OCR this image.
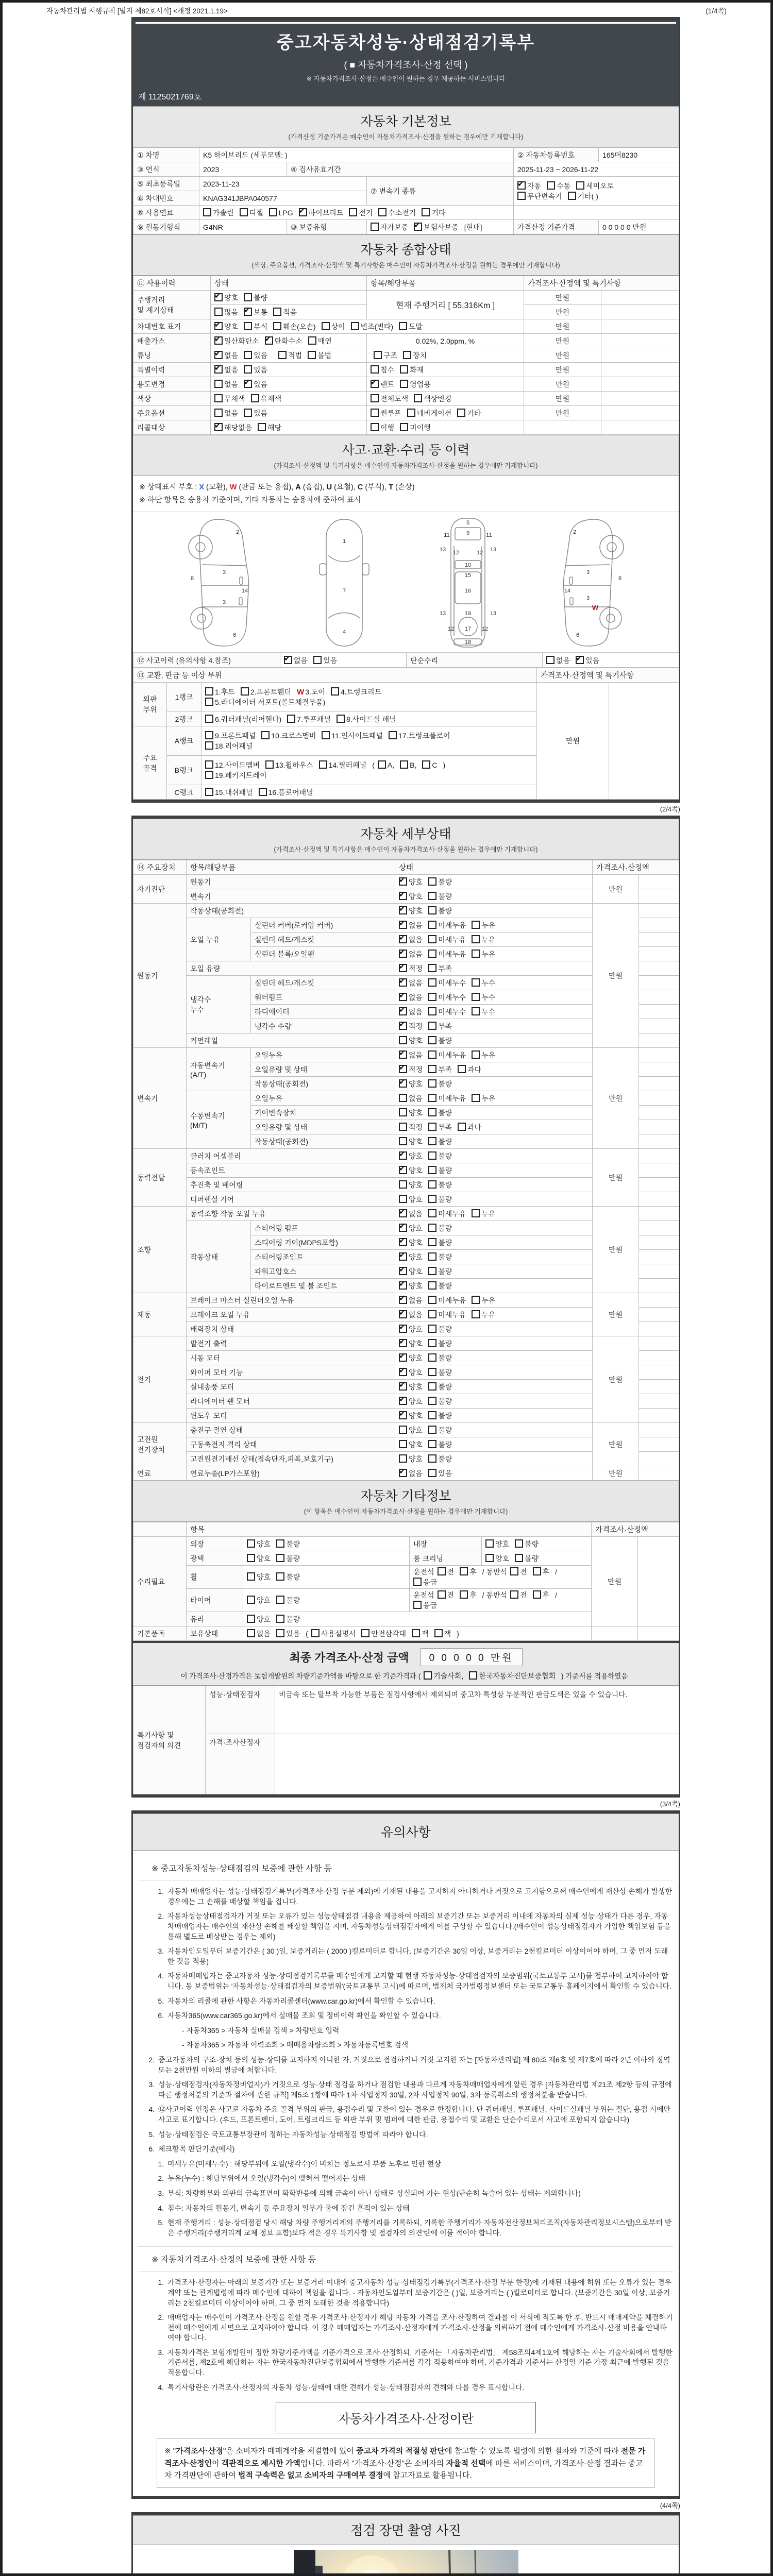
자동차관리법 시행규칙 [별지 제82호서식] <개정 2021.1.19>	(1/4쪽)
중고자동차성능·상태점검기록부
( ■ 자동차가격조사·산정 선택 )
※ 자동차가격조사·산정은 매수인이 원하는 경우 제공하는 서비스입니다
제 1125021769호
자동차 기본정보
(가격산정 기준가격은 매수인이 자동차가격조사·산정을 원하는 경우에만 기재합니다)
① 차명	K5 하이브리드 (세부모델: )			② 자동차등록번호	165머8230
③ 연식	2023	④ 검사유효기간		2025-11-23 ~ 2026-11-22	
⑤ 최초등록일	2023-11-23		⑦ 변속기 종류	✔자동 수동 세미오토
무단변속기 기타( )
⑥ 차대번호	KNAG341JBPA040577				
⑧ 사용연료	가솔린 디젤 LPG ✔ 하이브리드 전기 수소전기 기타	
⑨ 원동기형식	G4NR	⑩ 보증유형	자가보증 ✔ 보험사보증 [현대]	가격산정 기준가격	0 0 0 0 0 만원
자동차 종합상태
(색상, 주요옵션, 가격조사·산정액 및 특기사항은 매수인이 자동차가격조사·산정을 원하는 경우에만 기재합니다)
⑪ 사용이력	상태	항목/해당부품	가격조사·산정액 및 특기사항	
주행거리
및 계기상태	✔양호 불량	현재 주행거리 [ 55,316Km ]	만원	
	많음 ✔ 보통 적음		만원	
차대번호 표기	✔양호 부식 훼손(오손) 상이 변조(변타) 도말		만원	
배출가스	✔일산화탄소 ✔ 탄화수소 매연	0.02%, 2.0ppm, %	만원	
튜닝	✔없음 있음 적법 불법	구조 장치	만원	
특별이력	✔없음 있음	침수 화재	만원	
용도변경	없음 ✔ 있음	✔렌트 영업용	만원	
색상	무채색 유채색	전체도색 색상변경	만원	
주요옵션	없음 있음	썬루프 네비게이션 기타	만원	
리콜대상	✔해당없음 해당	이행 미이행		
사고·교환·수리 등 이력
(가격조사·산정액 및 특기사항은 매수인이 자동차가격조사·산정을 원하는 경우에만 기재합니다)
※ 상태표시 부호 : X (교환), W (판금 또는 용접), A (흠집), U (요철), C (부식), T (손상)
※ 하단 항목은 승용차 기준이며, 기타 자동차는 승용차에 준하여 표시
2
8
3
14
3
6
1
7
4
5
11	9	11
13 12	12 13
10
15
16
13	19	13
12 17 12
18
2
3
8
14
3
W
6
⑫ 사고이력 (유의사항 4.참조)	✔없음 있음	단순수리	없음 ✔ 있음
⑬ 교환, 판금 등 이상 부위			가격조사·산정액 및 특기사항	
외판
부위	1랭크	1.후드 2.프론트휀더 W 3.도어 4.트렁크리드
5.라디에이터 서포트(볼트체결부품)	만원	
	2랭크	6.쿼터패널(리어휀다) 7.루프패널 8.사이드실 패널		
주요
골격	A랭크	9.프론트패널 10.크로스멤버 11.인사이드패널 17.트렁크플로어
18.리어패널		
	B랭크	12.사이드멤버 13.휠하우스 14.필러패널 ( A, B, C )
19.페키지트레이		
	C랭크	15.대쉬패널 16.플로어패널		
(2/4쪽)
자동차 세부상태
(가격조사·산정액 및 특기사항은 매수인이 자동차가격조사·산정을 원하는 경우에만 기재합니다)
⑭ 주요장치	항목/해당부품		상태	가격조사·산정액	
자기진단	원동기	✔양호 불량	만원	
	변속기	✔양호 불량	
원동기	작동상태(공회전)	✔양호 불량	만원	
	오일 누유	실린더 커버(로커암 커버)	✔없음 미세누유 누유	
		실린더 헤드/개스킷	✔없음 미세누유 누유	
		실린더 블록/오일팬	✔없음 미세누유 누유	
	오일 유량	✔적정 부족	
	냉각수
누수	실린더 헤드/개스킷	✔없음 미세누수 누수	
		워터펌프	✔없음 미세누수 누수	
		라디에이터	✔없음 미세누수 누수	
		냉각수 수량	✔적정 부족	
	커먼레일		양호 불량		
변속기	자동변속기
(A/T)	오일누유	✔없음 미세누유 누유	만원	
		오일유량 및 상태	✔적정 부족 과다	
		작동상태(공회전)	✔양호 불량	
	수동변속기
(M/T)	오일누유	없음 미세누유 누유		
		기어변속장치	양호 불량		
		오일유량 및 상태	적정 부족 과다		
		작동상태(공회전)	양호 불량		
동력전달	클러치 어셈블리	✔양호 불량	만원	
	등속조인트	✔양호 불량	
	추진축 및 베어링		양호 불량		
	디퍼렌셜 기어		양호 불량		
조향	동력조향 작동 오일 누유	✔없음 미세누유 누유	만원	
	작동상태	스티어링 펌프	✔양호 불량	
		스티어링 기어(MDPS포함)	✔양호 불량	
		스티어링조인트	✔양호 불량	
		파워고압호스	✔양호 불량	
		타이로드엔드 및 볼 조인트	✔양호 불량	
제동	브레이크 마스터 실린더오일 누유	✔없음 미세누유 누유	만원	
	브레이크 오일 누유	✔없음 미세누유 누유	
	배력장치 상태	✔양호 불량	
전기	발전기 출력	✔양호 불량	만원	
	시동 모터	✔양호 불량	
	와이퍼 모터 기능	✔양호 불량	
	실내송풍 모터	✔양호 불량	
	라디에이터 팬 모터	✔양호 불량	
	윈도우 모터	✔양호 불량	
고전원
전기장치	충전구 절연 상태		양호 불량	만원	
	구동축전지 격리 상태		양호 불량		
	고전원전기배선 상태(접속단자,피복,보호기구)		양호 불량		
연료	연료누출(LP가스포함)	✔없음 있음	만원	
자동차 기타정보
(이 항목은 매수인이 자동차가격조사·산정을 원하는 경우에만 기재합니다)
	항목				가격조사·산정액	
수리필요	외장	양호 불량	내장	양호 불량	만원	
	광택	양호 불량	룸 크리닝	양호 불량		
	휠	양호 불량	운전석 전 후 / 동반석 전 후 /응급			
	타이어	양호 불량	운전석 전 후 / 동반석 전 후 /응급			
	유리	양호 불량				
기본품목	보유상태	없음 있음 ( 사용설명서 안전삼각대 잭 잭 )				
최종 가격조사·산정 금액	0 0 0 0 0 만원
이 가격조사·산정가격은 보험개발원의 차량기준가액을 바탕으로 한 기준가격과 ( 기술사회, 한국자동차진단보증협회 ) 기준서를 적용하였음
특기사항 및
점검자의 의견	성능·상태점검자	비금속 또는 탈부착 가능한 부품은 점검사항에서 제외되며 중고차 특성상 부분적인 판금도색은 있을 수 있습니다.
	가격·조사산정자	
(3/4쪽)
유의사항
※ 중고자동차성능·상태점검의 보증에 관한 사항 등
1. 자동차 매매업자는 성능·상태점검기록부(가격조사·산정 부분 제외)에 기재된 내용을 고지하지 아니하거나 거짓으로 고지함으로써 매수인에게 재산상 손해가 발생한 경우에는 그 손해를 배상할 책임을 집니다.
2. 자동차성능상태점검자가 거짓 또는 오류가 있는 성능상태점검 내용을 제공하여 아래의 보증기간 또는 보증거리 이내에 자동차의 실제 성능·상태가 다른 경우, 자동차매매업자는 매수인의 재산상 손해를 배상할 책임을 지며, 자동차성능상태점검자에게 이를 구상할 수 있습니다.(매수인이 성능상태점검자가 가입한 책임보험 등을 통해 별도로 배상받는 경우는 제외)
3. 자동차인도일부터 보증기간은 ( 30 )일, 보증거리는 ( 2000 )킬로미터로 합니다. (보증기간은 30일 이상, 보증거리는 2천킬로미터 이상이어야 하며, 그 중 먼저 도래한 것을 적용)
4. 자동차매매업자는 중고자동차 성능·상태점검기록부를 매수인에게 고지할 때 현행 자동차성능·상태점검자의 보증범위(국토교통부 고시)를 첨부하여 고지하여야 합니다. 동 보증범위는 '자동차성능·상태점검자의 보증범위'(국토교통부 고시)에 따르며, 법제처 국가법령정보센터 또는 국토교통부 홈페이지에서 확인할 수 있습니다.
5. 자동차의 리콜에 관한 사항은 자동차리콜센터(www.car.go.kr)에서 확인할 수 있습니다.
6. 자동차365(www.car365.go.kr)에서 실매물 조회 및 정비이력 확인을 확인할 수 있습니다.
- 자동차365 > 자동차 실매물 검색 > 차량번호 입력
- 자동차365 > 자동차 이력조회 > 매매용차량조회 > 자동차등록번호 검색
2. 중고자동차의 구조·장치 등의 성능·상태를 고지하지 아니한 자, 거짓으로 점검하거나 거짓 고지한 자는 [자동차관리법] 제 80조 제6호 및 제7호에 따라 2년 이하의 징역 또는 2천만원 이하의 벌금에 처합니다.
3. 성능·상태점검자(자동차정비업자)가 거짓으로 성능·상태 점검을 하거나 점검한 내용과 다르게 자동차매매업자에게 알린 경우 [자동차관리법 제21조 제2항 등의 규정에 따른 행정처분의 기준과 절차에 관한 규칙] 제5조 1항에 따라 1차 사업정지 30일, 2차 사업정지 90일, 3차 등록취소의 행정처분을 받습니다.
4. ⑫사고이력 인정은 사고로 자동차 주요 골격 부위의 판금, 용접수리 및 교환이 있는 경우로 한정합니다. 단 쿼터패널, 루프패널, 사이드실패널 부위는 절단, 용접 시에만 사고로 표기합니다. (후드, 프론트펜더, 도어, 트렁크리드 등 외판 부위 및 범퍼에 대한 판금, 용접수리 및 교환은 단순수리로서 사고에 포함되지 않습니다)
5. 성능·상태점검은 국토교통부장관이 정하는 자동차성능·상태점검 방법에 따라야 합니다.
6. 체크항목 판단기준(예시)
1. 미세누유(미세누수) : 해당부위에 오일(냉각수)이 비치는 정도로서 부품 노후로 인한 현상
2. 누유(누수) : 해당부위에서 오일(냉각수)이 맺혀서 떨어지는 상태
3. 부식: 차량하부와 외판의 금속표면이 화학반응에 의해 금속이 아닌 상태로 상실되어 가는 현상(단순히 녹슬어 있는 상태는 제외합니다)
4. 침수: 자동차의 원동기, 변속기 등 주요장치 일부가 물에 잠긴 흔적이 있는 상태
5. 현재 주행거리 : 성능·상태점검 당시 해당 차량 주행거리계의 주행거리를 기록하되, 기록한 주행거리가 자동차전산정보처리조직(자동차관리정보시스템)으로부터 받은 주행거리(주행거리계 교체 정보 포함)보다 적은 경우 특기사항 및 점검자의 의견'란에 이를 적어야 합니다.
※ 자동차가격조사·산정의 보증에 관한 사항 등
1. 가격조사·산정자는 아래의 보증기간 또는 보증거리 이내에 중고자동차 성능·상태점검기록부(가격조사·산정 부분 한정)에 기재된 내용에 허위 또는 오류가 있는 경우 계약 또는 관계법령에 따라 매수인에 대하여 책임을 집니다. · 자동차인도일부터 보증기간은 ( )일, 보증거리는 ( )킬로미터로 합니다. (보증기간은 30일 이상, 보증거리는 2천킬로미터 이상이어야 하며, 그 중 먼저 도래한 것을 적용합니다)
2. 매매업자는 매수인이 가격조사·산정을 원할 경우 가격조사·산정자가 해당 자동차 가격을 조사·산정하여 결과를 이 서식에 적도록 한 후, 반드시 매매계약을 체결하기 전에 매수인에게 서면으로 고지하여야 합니다. 이 경우 매매업자는 가격조사·산정자에게 가격조사·산정을 의뢰하기 전에 매수인에게 가격조사·산정 비용을 안내하여야 합니다.
3. 자동차가격은 보험개발원이 정한 차량기준가액을 기준가격으로 조사·산정하되, 기준서는 「자동차관리법」 제58조의4제1호에 해당하는 자는 기술사회에서 발행한 기준서를, 제2호에 해당하는 자는 한국자동차진단보증협회에서 발행한 기준서를 각각 적용하여야 하며, 기준가격과 기준서는 산정일 기준 가장 최근에 발행된 것을 적용합니다.
4. 특기사항란은 가격조사·산정자의 자동차 성능·상태에 대한 견해가 성능·상태점검자의 견해와 다를 경우 표시합니다.
자동차가격조사·산정이란
※ "가격조사·산정"은 소비자가 매매계약을 체결함에 있어 중고차 가격의 적절성 판단에 참고할 수 있도록 법령에 의한 절차와 기준에 따라 전문 가격조사·산정인이 객관적으로 제시한 가액입니다. 따라서 "가격조사·산정"은 소비자의 자율적 선택에 따른 서비스이며, 가격조사·산정 결과는 중고차 가격판단에 관하여 법적 구속력은 없고 소비자의 구매여부 결정에 참고자료로 활용됩니다.
(4/4쪽)
점검 장면 촬영 사진
